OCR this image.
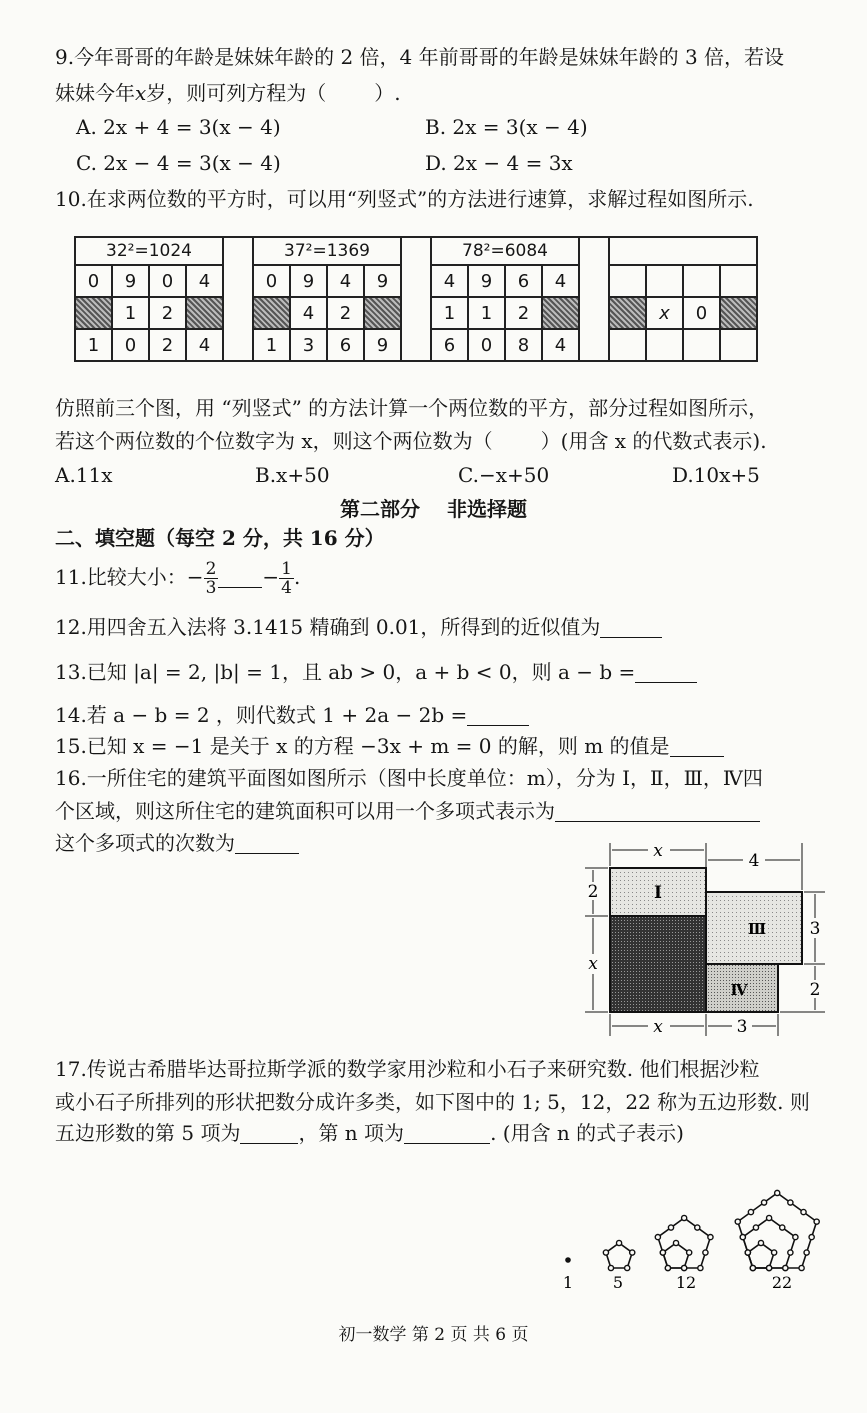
9.今年哥哥的年龄是妹妹年龄的 2 倍，4 年前哥哥的年龄是妹妹年龄的 3 倍，若设
妹妹今年x岁，则可列方程为（ ）.
A. 2x + 4 = 3(x − 4)	B. 2x = 3(x − 4)
C. 2x − 4 = 3(x − 4)	D. 2x − 4 = 3x
10.在求两位数的平方时，可以用“列竖式”的方法进行速算，求解过程如图所示.
32²=1024					37²=1369					78²=6084								
0	9	0	4		0	9	4	9		4	9	6	4					
	1	2				4	2			1	1	2				x	0	
1	0	2	4		1	3	6	9		6	0	8	4					
仿照前三个图，用 “列竖式” 的方法计算一个两位数的平方，部分过程如图所示，
若这个两位数的个位数字为 x，则这个两位数为（ ）(用含 x 的代数式表示).
A.11x	B.x+50	C.−x+50	D.10x+5
第二部分　 非选择题
二、填空题（每空 2 分，共 16 分）
11.比较大小：− $\frac{2}{3} - \frac{1}{4}$ .
12.用四舍五入法将 3.1415 精确到 0.01，所得到的近似值为
13.已知 |a| = 2, |b| = 1，且 ab > 0，a + b < 0，则 a − b =
14.若 a − b = 2 ，则代数式 1 + 2a − 2b =
15.已知 x = −1 是关于 x 的方程 −3x + m = 0 的解，则 m 的值是
16.一所住宅的建筑平面图如图所示（图中长度单位：m），分为 Ⅰ，Ⅱ，Ⅲ，Ⅳ四
个区域，则这所住宅的建筑面积可以用一个多项式表示为
这个多项式的次数为	x	4
2
x
3
2
x	3
Ⅰ
Ⅲ
Ⅳ
17.传说古希腊毕达哥拉斯学派的数学家用沙粒和小石子来研究数. 他们根据沙粒
或小石子所排列的形状把数分成许多类，如下图中的 1; 5，12，22 称为五边形数. 则
五边形数的第 5 项为	，第 n 项为	. (用含 n 的式子表示)
1 5	12	22
初一数学 第 2 页 共 6 页
